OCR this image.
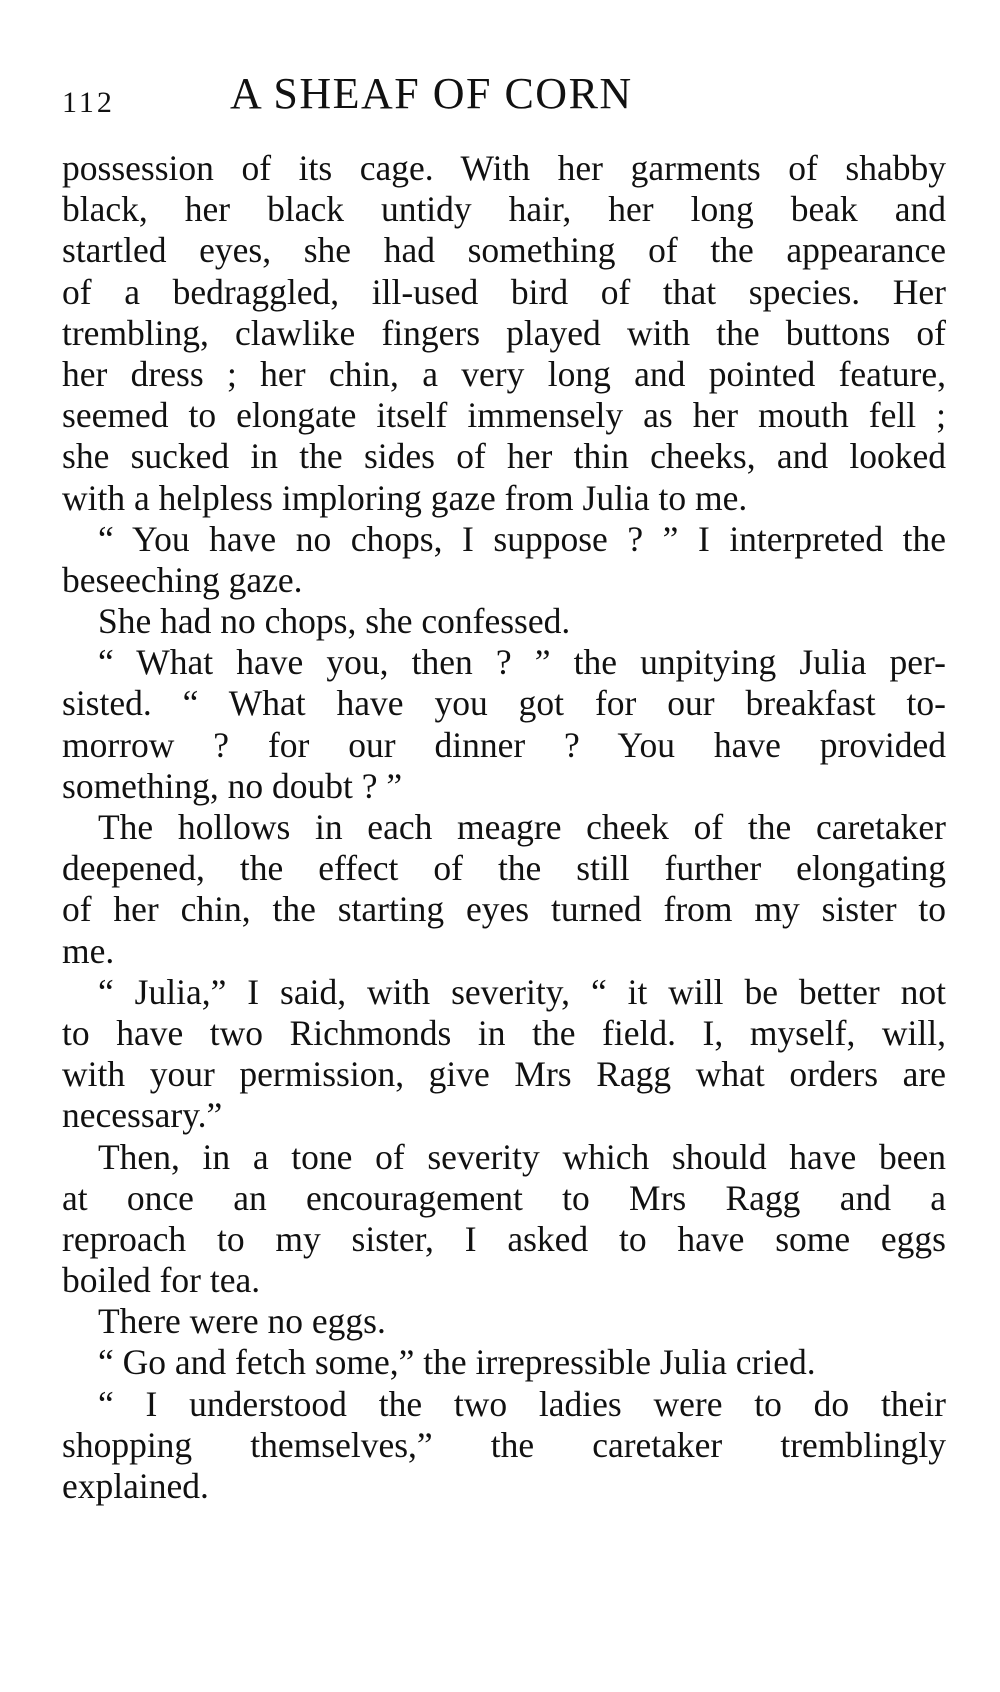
112	A SHEAF OF CORN
possession of its cage. With her garments of shabby
black, her black untidy hair, her long beak and
startled eyes, she had something of the appearance
of a bedraggled, ill-used bird of that species. Her
trembling, clawlike fingers played with the buttons of
her dress ; her chin, a very long and pointed feature,
seemed to elongate itself immensely as her mouth fell ;
she sucked in the sides of her thin cheeks, and looked
with a helpless imploring gaze from Julia to me.
“ You have no chops, I suppose ? ” I interpreted the
beseeching gaze.
She had no chops, she confessed.
“ What have you, then ? ” the unpitying Julia per-
sisted. “ What have you got for our breakfast to-
morrow ? for our dinner ? You have provided
something, no doubt ? ”
The hollows in each meagre cheek of the caretaker
deepened, the effect of the still further elongating
of her chin, the starting eyes turned from my sister to
me.
“ Julia,” I said, with severity, “ it will be better not
to have two Richmonds in the field. I, myself, will,
with your permission, give Mrs Ragg what orders are
necessary.”
Then, in a tone of severity which should have been
at once an encouragement to Mrs Ragg and a
reproach to my sister, I asked to have some eggs
boiled for tea.
There were no eggs.
“ Go and fetch some,” the irrepressible Julia cried.
“ I understood the two ladies were to do their
shopping themselves,” the caretaker tremblingly
explained.
